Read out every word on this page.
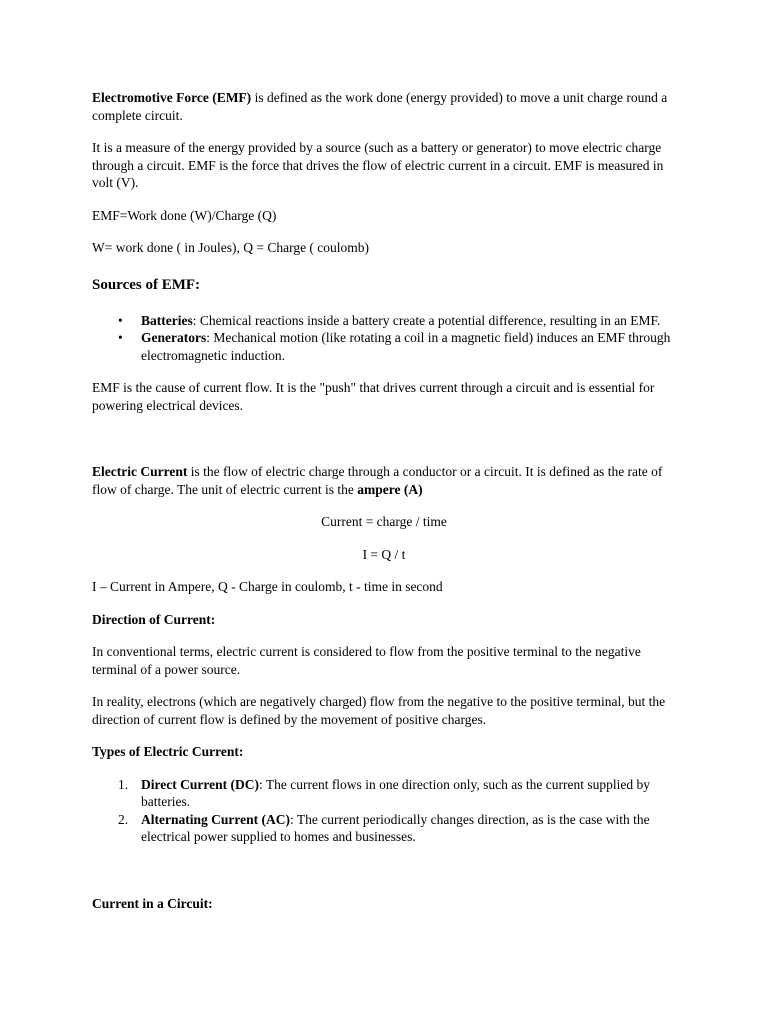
Electromotive Force (EMF) is defined as the work done (energy provided) to move a unit charge round a complete circuit.

It is a measure of the energy provided by a source (such as a battery or generator) to move electric charge through a circuit. EMF is the force that drives the flow of electric current in a circuit. EMF is measured in volt (V).

EMF=Work done (W)/Charge (Q)

W= work done ( in Joules), Q = Charge ( coulomb)

Sources of EMF:
•	Batteries: Chemical reactions inside a battery create a potential difference, resulting in an EMF.
•	Generators: Mechanical motion (like rotating a coil in a magnetic field) induces an EMF through electromagnetic induction.

EMF is the cause of current flow. It is the "push" that drives current through a circuit and is essential for powering electrical devices.

Electric Current is the flow of electric charge through a conductor or a circuit. It is defined as the rate of flow of charge. The unit of electric current is the ampere (A)

Current = charge / time

I = Q / t

I – Current in Ampere, Q - Charge in coulomb, t - time in second

Direction of Current:

In conventional terms, electric current is considered to flow from the positive terminal to the negative terminal of a power source.

In reality, electrons (which are negatively charged) flow from the negative to the positive terminal, but the direction of current flow is defined by the movement of positive charges.

Types of Electric Current:

1. Direct Current (DC): The current flows in one direction only, such as the current supplied by batteries.
2. Alternating Current (AC): The current periodically changes direction, as is the case with the electrical power supplied to homes and businesses.

Current in a Circuit:
